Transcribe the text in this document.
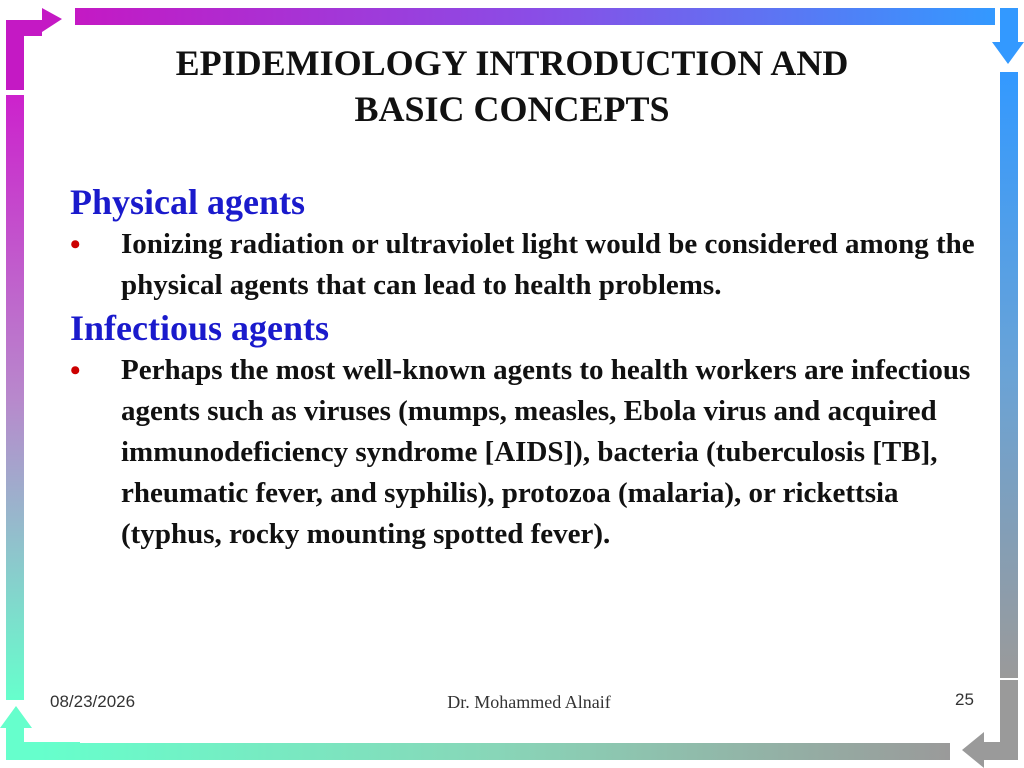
EPIDEMIOLOGY INTRODUCTION AND
BASIC CONCEPTS
Physical agents
• Ionizing radiation or ultraviolet light would be considered among the physical agents that can lead to health problems.
Infectious agents
• Perhaps the most well-known agents to health workers are infectious agents such as viruses (mumps, measles, Ebola virus and acquired immunodeficiency syndrome [AIDS]), bacteria (tuberculosis [TB], rheumatic fever, and syphilis), protozoa (malaria), or rickettsia (typhus, rocky mounting spotted fever).
08/23/2026	Dr. Mohammed Alnaif	25
